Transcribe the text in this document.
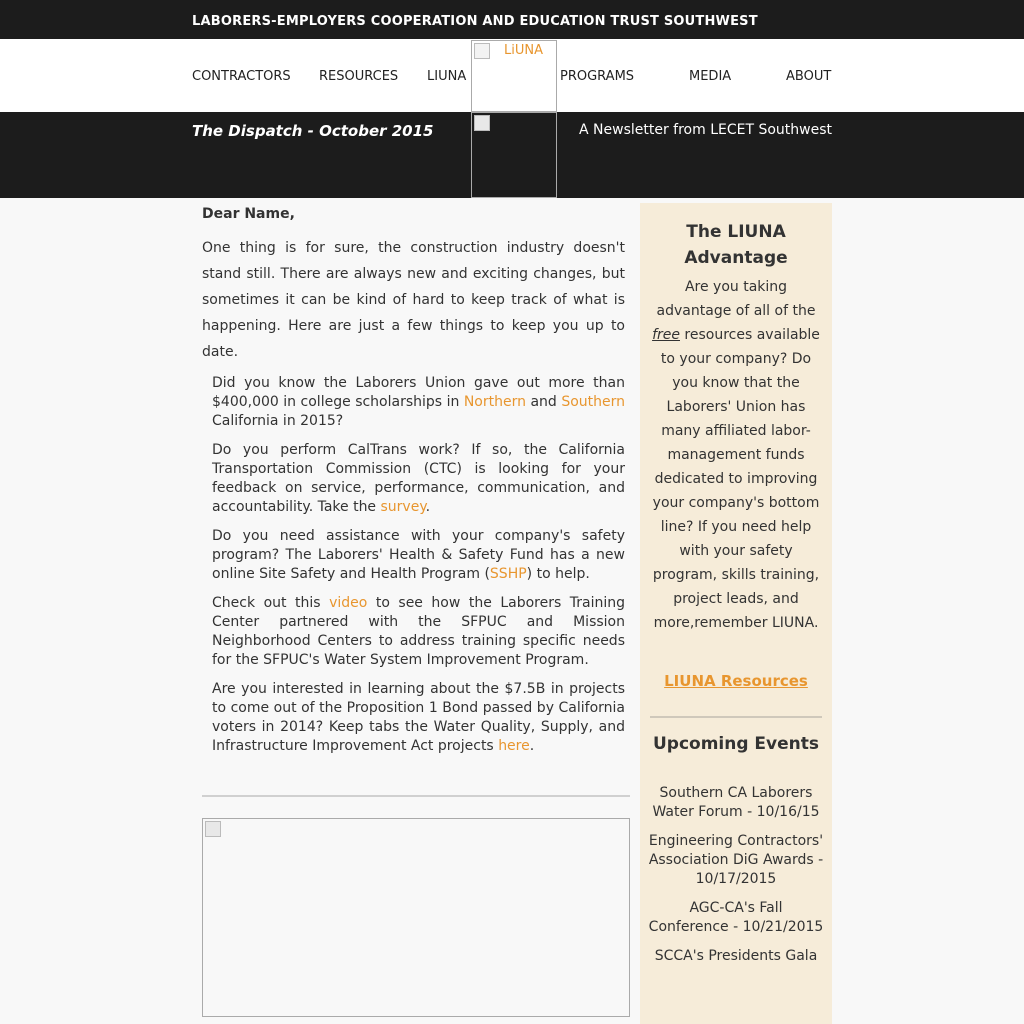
LABORERS-EMPLOYERS COOPERATION AND EDUCATION TRUST SOUTHWEST
CONTRACTORS RESOURCES LIUNA	PROGRAMS	MEDIA	ABOUT
LiUNA
The Dispatch - October 2015	A Newsletter from LECET Southwest
Dear Name,
One thing is for sure, the construction industry doesn't stand still. There are always new and exciting changes, but sometimes it can be kind of hard to keep track of what is happening. Here are just a few things to keep you up to date.

Did you know the Laborers Union gave out more than $400,000 in college scholarships in Northern and Southern California in 2015?

Do you perform CalTrans work? If so, the California Transportation Commission (CTC) is looking for your feedback on service, performance, communication, and accountability. Take the survey.

Do you need assistance with your company's safety program? The Laborers' Health & Safety Fund has a new online Site Safety and Health Program (SSHP) to help.

Check out this video to see how the Laborers Training Center partnered with the SFPUC and Mission Neighborhood Centers to address training specific needs for the SFPUC's Water System Improvement Program.

Are you interested in learning about the $7.5B in projects to come out of the Proposition 1 Bond passed by California voters in 2014? Keep tabs the Water Quality, Supply, and Infrastructure Improvement Act projects here.

The LIUNA Advantage
Are you taking advantage of all of the free resources available to your company? Do you know that the Laborers' Union has many affiliated labor-management funds dedicated to improving your company's bottom line? If you need help with your safety program, skills training, project leads, and more,remember LIUNA.
LIUNA Resources
Upcoming Events

Southern CA Laborers Water Forum - 10/16/15

Engineering Contractors' Association DiG Awards - 10/17/2015

AGC-CA's Fall Conference - 10/21/2015

SCCA's Presidents Gala
